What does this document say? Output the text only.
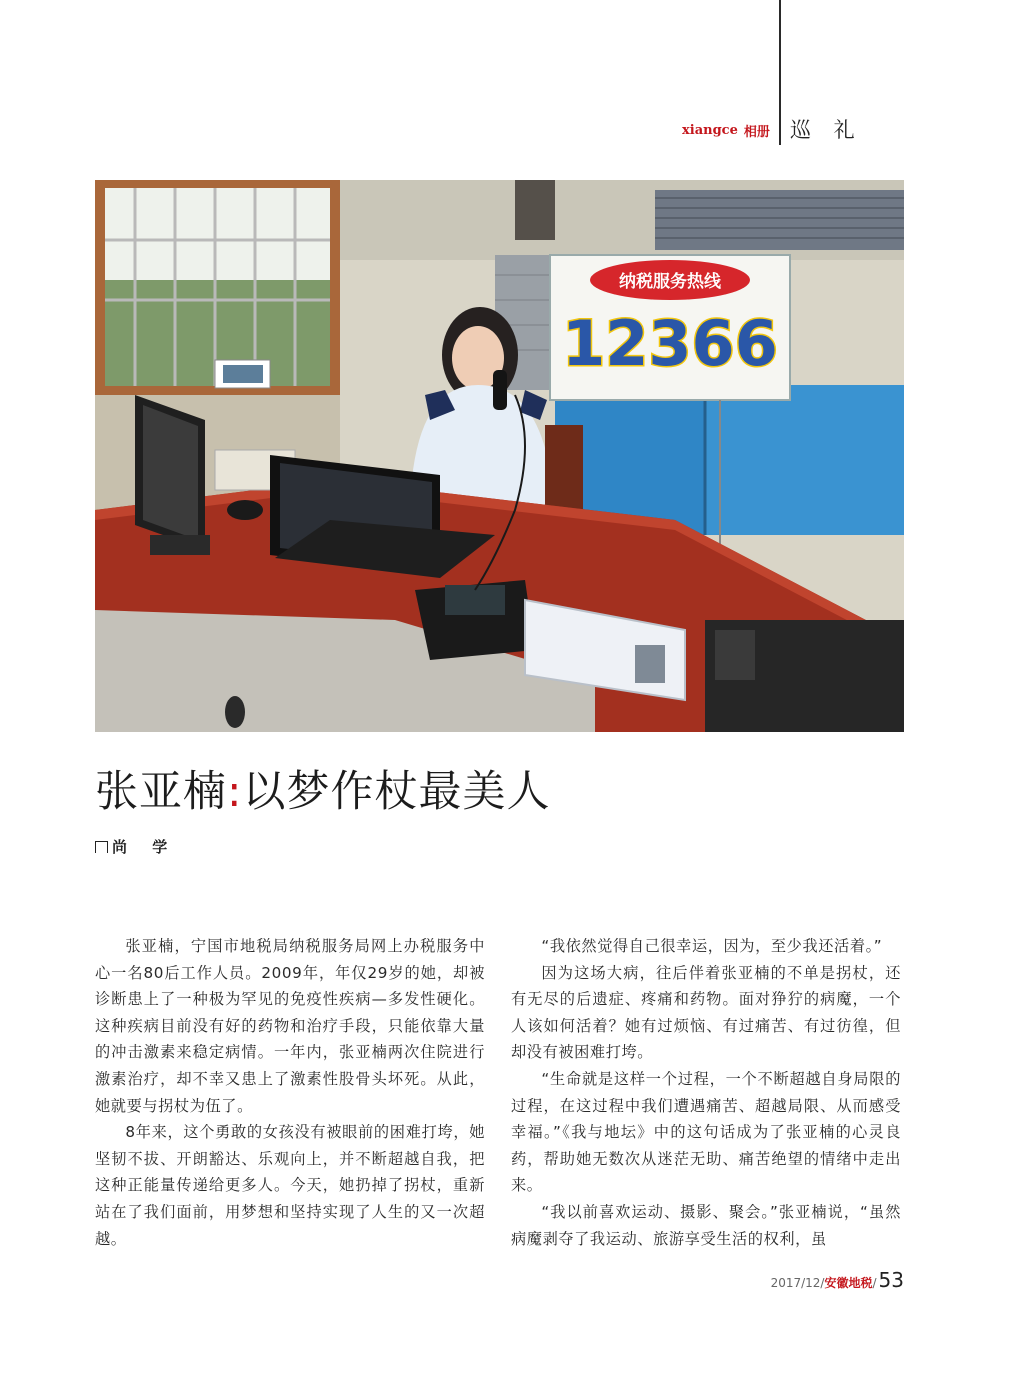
xiangce 相册 巡 礼
纳税服务热线
12366
张亚楠:以梦作杖最美人
尚 学

张亚楠，宁国市地税局纳税服务局网上办税服务中心一名80后工作人员。2009年，年仅29岁的她，却被诊断患上了一种极为罕见的免疫性疾病—多发性硬化。这种疾病目前没有好的药物和治疗手段，只能依靠大量的冲击激素来稳定病情。一年内，张亚楠两次住院进行激素治疗，却不幸又患上了激素性股骨头坏死。从此，她就要与拐杖为伍了。

8年来，这个勇敢的女孩没有被眼前的困难打垮，她坚韧不拔、开朗豁达、乐观向上，并不断超越自我，把这种正能量传递给更多人。今天，她扔掉了拐杖，重新站在了我们面前，用梦想和坚持实现了人生的又一次超越。

“我依然觉得自己很幸运，因为，至少我还活着。”

因为这场大病，往后伴着张亚楠的不单是拐杖，还有无尽的后遗症、疼痛和药物。面对狰狞的病魔，一个人该如何活着？她有过烦恼、有过痛苦、有过彷徨，但却没有被困难打垮。

“生命就是这样一个过程，一个不断超越自身局限的过程，在这过程中我们遭遇痛苦、超越局限、从而感受幸福。”《我与地坛》中的这句话成为了张亚楠的心灵良药，帮助她无数次从迷茫无助、痛苦绝望的情绪中走出来。

“我以前喜欢运动、摄影、聚会。”张亚楠说，“虽然病魔剥夺了我运动、旅游享受生活的权利，虽

2017/12/ 安徽地税 / 53
